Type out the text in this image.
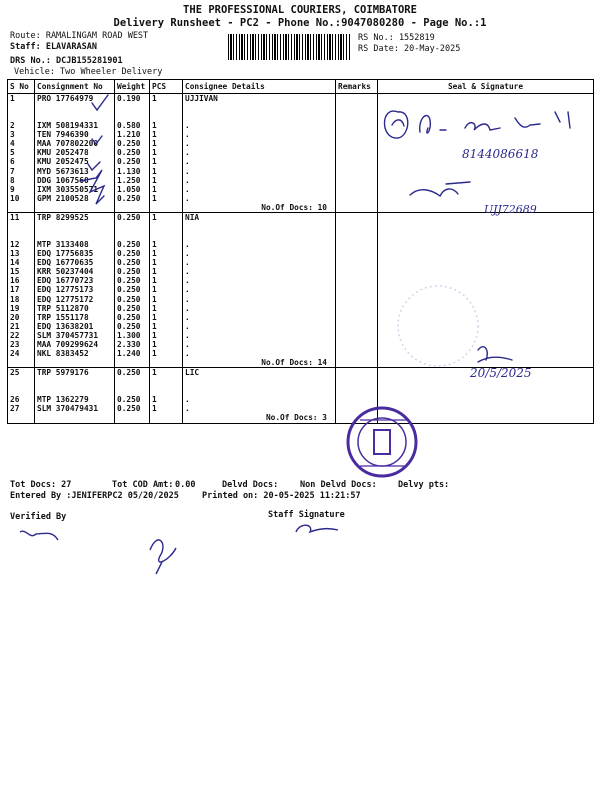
THE PROFESSIONAL COURIERS, COIMBATORE
Delivery Runsheet - PC2 - Phone No.:9047080280 - Page No.:1
Route: RAMALINGAM ROAD WEST
Staff: ELAVARASAN
DRS No.: DCJB155281901
Vehicle: Two Wheeler Delivery
RS No.: 1552819
RS Date: 20-May-2025
S No	Consignment No	Weight	PCS	Consignee Details	Remarks	Seal & Signature
1	PRO 17764979	0.190	1	UJJIVAN		
2	IXM 508194331	0.580	1	.		
3	TEN 7946390	1.210	1	.		
4	MAA 707802200	0.250	1	.		
5	KMU 2052478	0.250	1	.		
6	KMU 2052475	0.250	1	.		
7	MYD 5673613	1.130	1	.		
8	DDG 1067560	1.250	1	.		
9	IXM 303550571	1.050	1	.		
10	GPM 2100528	0.250	1	.		
				No.Of Docs: 10		
11	TRP 8299525	0.250	1	NIA		
12	MTP 3133408	0.250	1	.		
13	EDQ 17756835	0.250	1	.		
14	EDQ 16770635	0.250	1	.		
15	KRR 50237404	0.250	1	.		
16	EDQ 16770723	0.250	1	.		
17	EDQ 12775173	0.250	1	.		
18	EDQ 12775172	0.250	1	.		
19	TRP 5112870	0.250	1	.		
20	TRP 1551178	0.250	1	.		
21	EDQ 13638201	0.250	1	.		
22	SLM 370457731	1.300	1	.		
23	MAA 709299624	2.330	1	.		
24	NKL 8383452	1.240	1	.		
				No.Of Docs: 14		
25	TRP 5979176	0.250	1	LIC		
26	MTP 1362279	0.250	1	.		
27	SLM 370479431	0.250	1	.		
				No.Of Docs: 3		
8144086618
UJJ72689
20/5/2025
Tot Docs: 27	Tot COD Amt: 0.00	Delvd Docs:	Non Delvd Docs: Delvy pts:
Entered By :JENIFERPC2 05/20/2025	Printed on: 20-05-2025 11:21:57
Verified By	Staff Signature
